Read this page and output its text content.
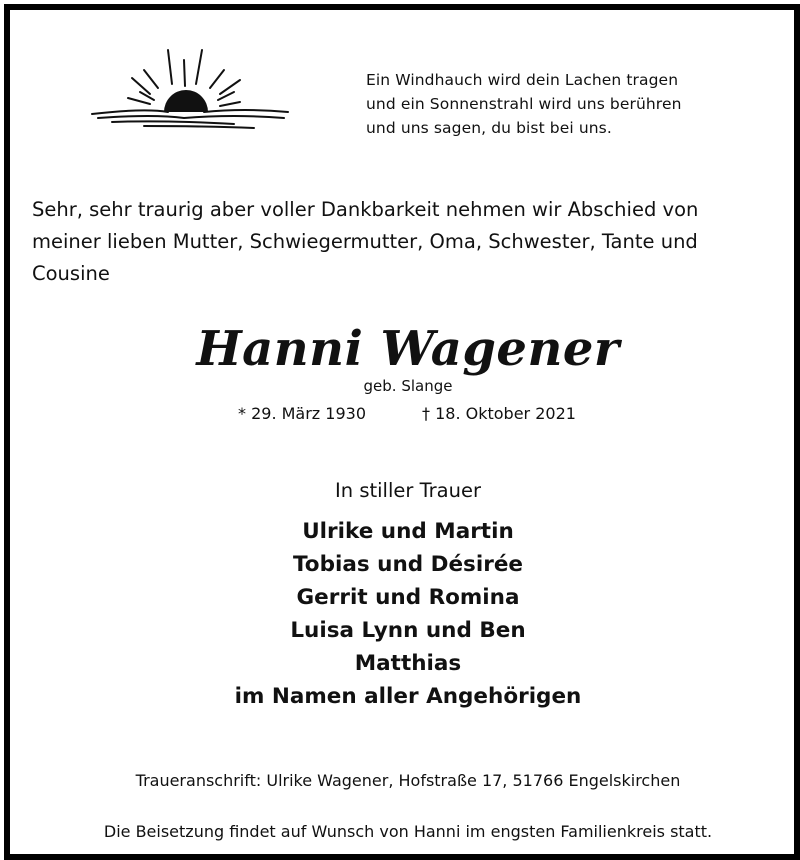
Ein Windhauch wird dein Lachen tragen
und ein Sonnenstrahl wird uns berühren
und uns sagen, du bist bei uns.
Sehr, sehr traurig aber voller Dankbarkeit nehmen wir Abschied von
meiner lieben Mutter, Schwiegermutter, Oma, Schwester, Tante und
Cousine
Hanni Wagener
geb. Slange
* 29. März 1930	† 18. Oktober 2021
In stiller Trauer
Ulrike und Martin
Tobias und Désirée
Gerrit und Romina
Luisa Lynn und Ben
Matthias
im Namen aller Angehörigen
Traueranschrift: Ulrike Wagener, Hofstraße 17, 51766 Engelskirchen
Die Beisetzung findet auf Wunsch von Hanni im engsten Familienkreis statt.
